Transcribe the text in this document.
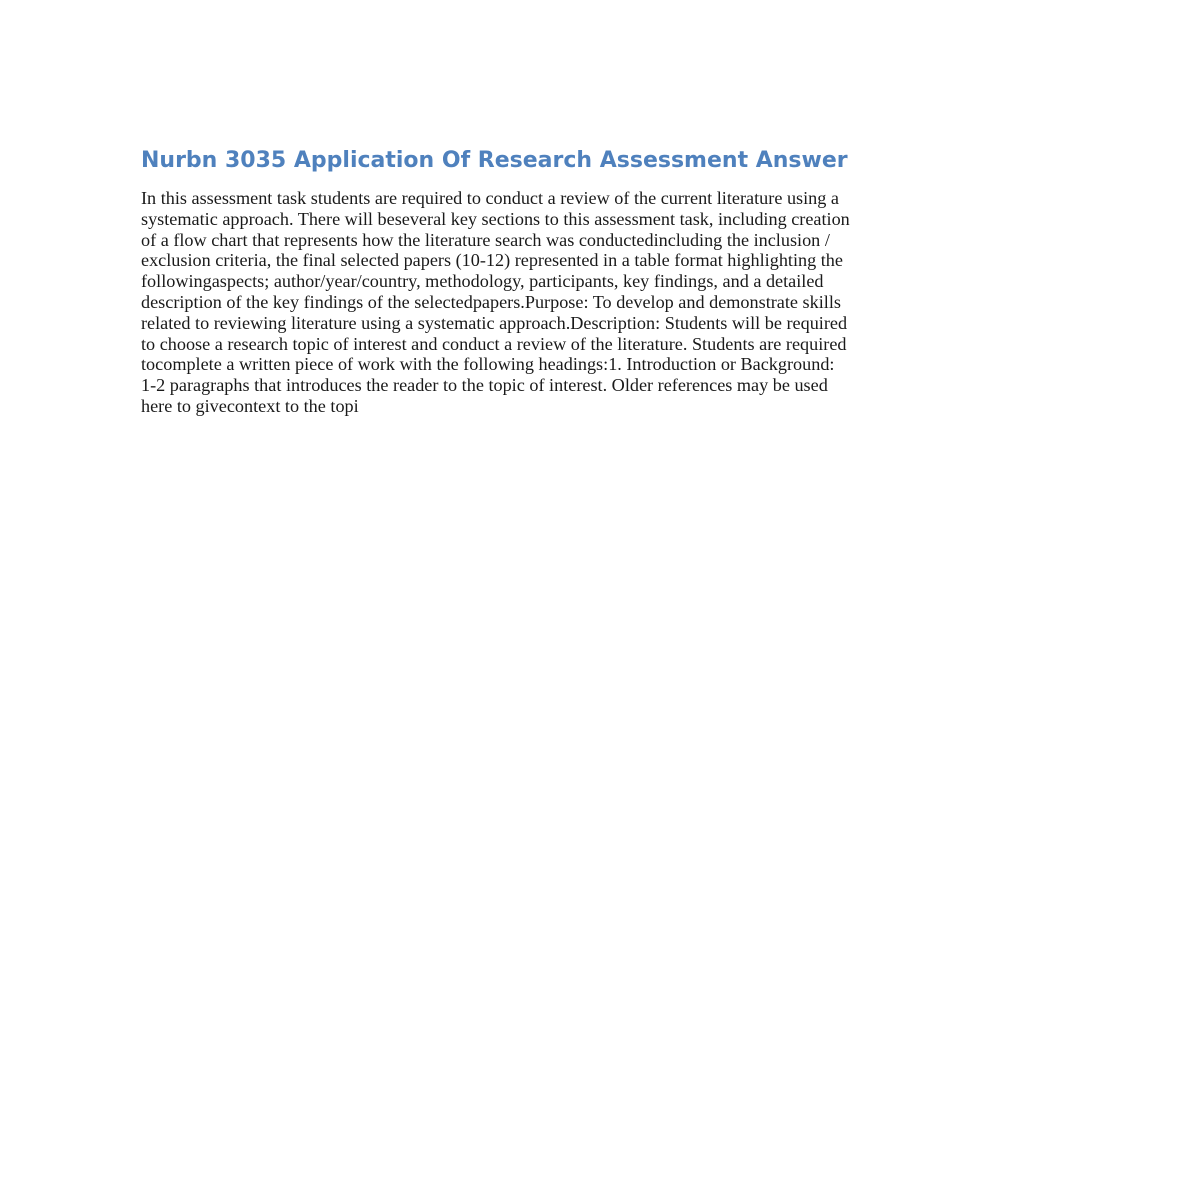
Nurbn 3035 Application Of Research Assessment Answer

In this assessment task students are required to conduct a review of the current literature using a
systematic approach. There will beseveral key sections to this assessment task, including creation
of a flow chart that represents how the literature search was conductedincluding the inclusion /
exclusion criteria, the final selected papers (10-12) represented in a table format highlighting the
followingaspects; author/year/country, methodology, participants, key findings, and a detailed
description of the key findings of the selectedpapers.Purpose: To develop and demonstrate skills
related to reviewing literature using a systematic approach.Description: Students will be required
to choose a research topic of interest and conduct a review of the literature. Students are required
tocomplete a written piece of work with the following headings:1. Introduction or Background:
1-2 paragraphs that introduces the reader to the topic of interest. Older references may be used
here to givecontext to the topi
